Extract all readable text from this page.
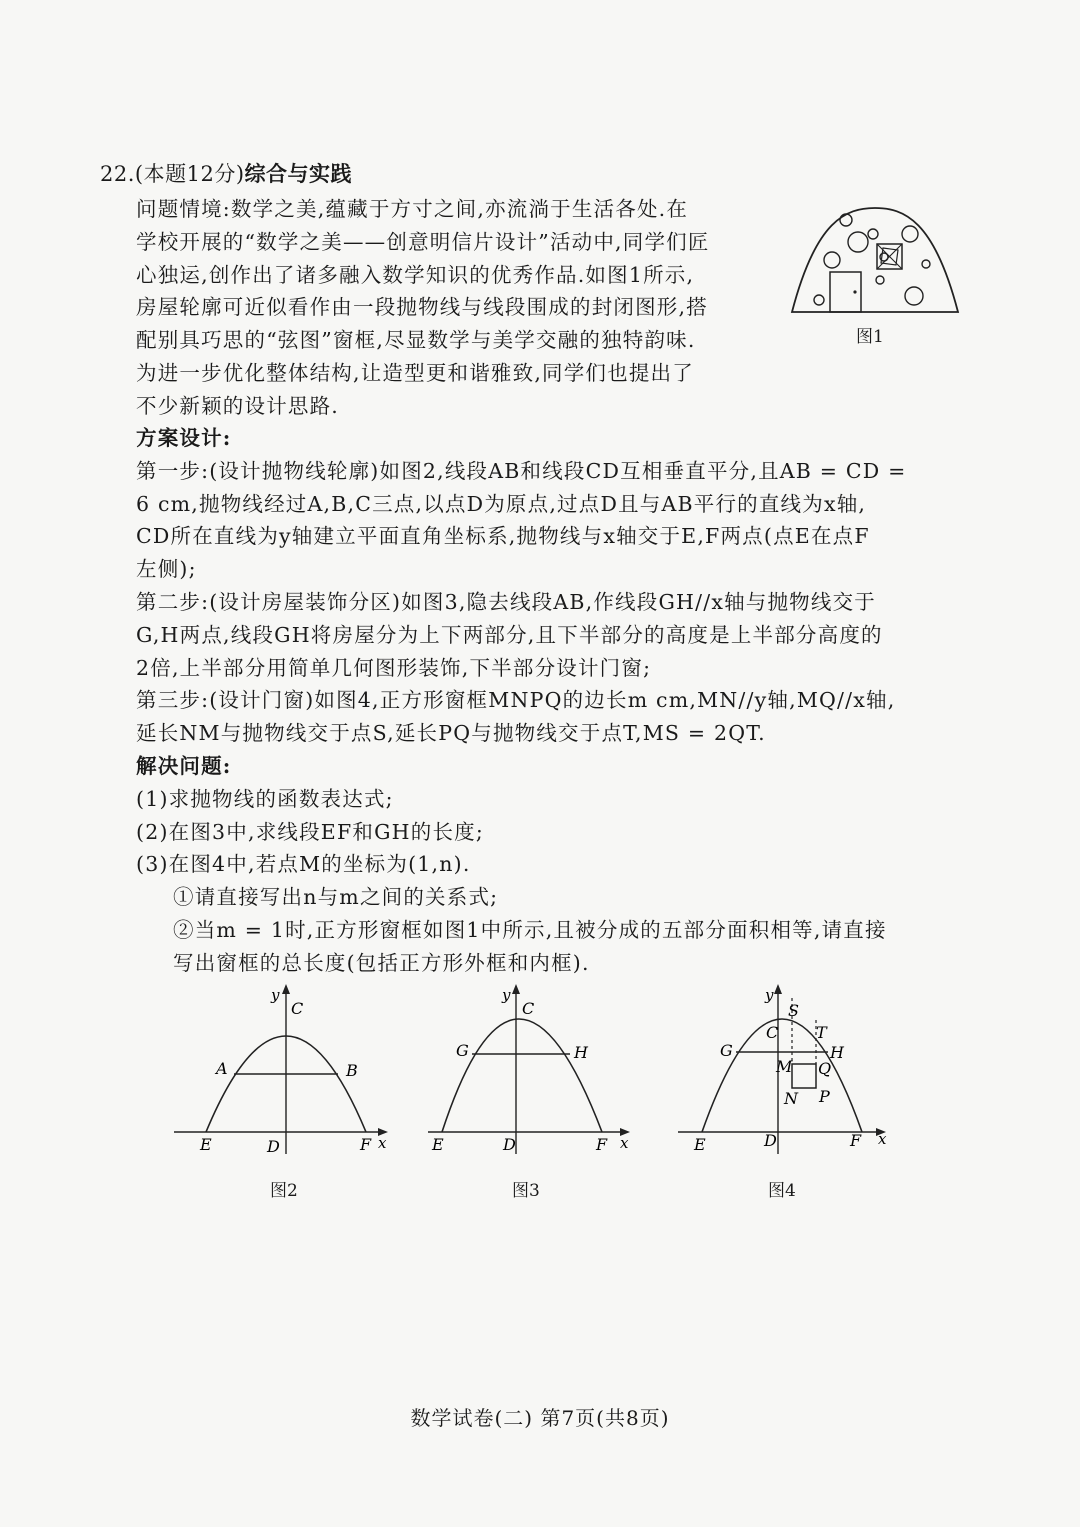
22.(本题12分)综合与实践
问题情境:数学之美,蕴藏于方寸之间,亦流淌于生活各处.在
学校开展的“数学之美——创意明信片设计”活动中,同学们匠
心独运,创作出了诸多融入数学知识的优秀作品.如图1所示,
房屋轮廓可近似看作由一段抛物线与线段围成的封闭图形,搭
配别具巧思的“弦图”窗框,尽显数学与美学交融的独特韵味.
为进一步优化整体结构,让造型更和谐雅致,同学们也提出了
不少新颖的设计思路.
图1
方案设计:
第一步:(设计抛物线轮廓)如图2,线段AB和线段CD互相垂直平分,且AB = CD =
6 cm,抛物线经过A,B,C三点,以点D为原点,过点D且与AB平行的直线为x轴,
CD所在直线为y轴建立平面直角坐标系,抛物线与x轴交于E,F两点(点E在点F
左侧);
第二步:(设计房屋装饰分区)如图3,隐去线段AB,作线段GH//x轴与抛物线交于
G,H两点,线段GH将房屋分为上下两部分,且下半部分的高度是上半部分高度的
2倍,上半部分用简单几何图形装饰,下半部分设计门窗;
第三步:(设计门窗)如图4,正方形窗框MNPQ的边长m cm,MN//y轴,MQ//x轴,
延长NM与抛物线交于点S,延长PQ与抛物线交于点T,MS = 2QT.
解决问题:
(1)求抛物线的函数表达式;
(2)在图3中,求线段EF和GH的长度;
(3)在图4中,若点M的坐标为(1,n).
①请直接写出n与m之间的关系式;
②当m = 1时,正方形窗框如图1中所示,且被分成的五部分面积相等,请直接
写出窗框的总长度(包括正方形外框和内框).
y
C
A	B
E	D	F x
图2
y
C
G	H
E	D	F x
图3
y
S
C T
G	H
M Q
N P
E	D	F x
图4
数学试卷(二) 第7页(共8页)
